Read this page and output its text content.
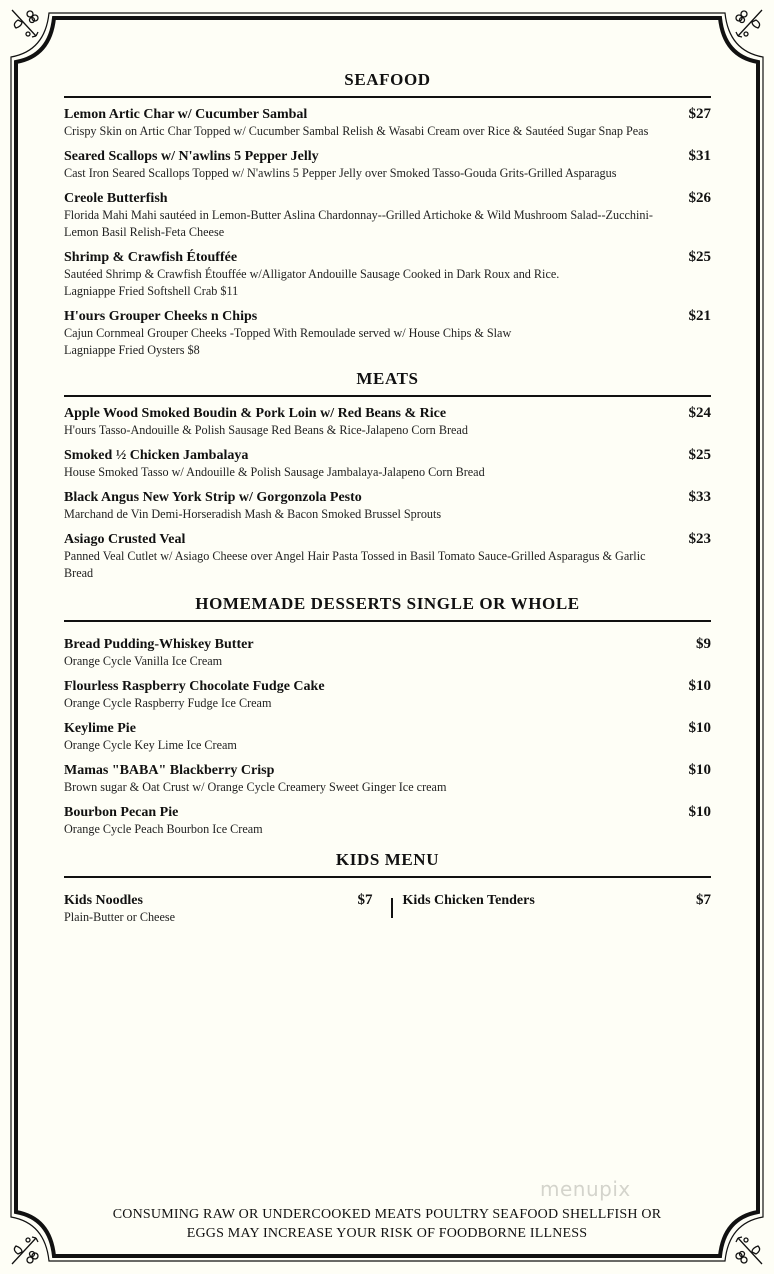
SEAFOOD
Lemon Artic Char w/ Cucumber Sambal	$27
Crispy Skin on Artic Char Topped w/ Cucumber Sambal Relish & Wasabi Cream over Rice & Sautéed Sugar Snap Peas
Seared Scallops w/ N'awlins 5 Pepper Jelly	$31
Cast Iron Seared Scallops Topped w/ N'awlins 5 Pepper Jelly over Smoked Tasso-Gouda Grits-Grilled Asparagus
Creole Butterfish	$26
Florida Mahi Mahi sautéed in Lemon-Butter Aslina Chardonnay--Grilled Artichoke & Wild Mushroom Salad--Zucchini-Lemon Basil Relish-Feta Cheese
Shrimp & Crawfish Étouffée	$25
Sautéed Shrimp & Crawfish Étouffée w/Alligator Andouille Sausage Cooked in Dark Roux and Rice.
Lagniappe Fried Softshell Crab $11
H'ours Grouper Cheeks n Chips	$21
Cajun Cornmeal Grouper Cheeks -Topped With Remoulade served w/ House Chips & Slaw
Lagniappe Fried Oysters $8
MEATS
Apple Wood Smoked Boudin & Pork Loin w/ Red Beans & Rice	$24
H'ours Tasso-Andouille & Polish Sausage Red Beans & Rice-Jalapeno Corn Bread
Smoked ½ Chicken Jambalaya	$25
House Smoked Tasso w/ Andouille & Polish Sausage Jambalaya-Jalapeno Corn Bread
Black Angus New York Strip w/ Gorgonzola Pesto	$33
Marchand de Vin Demi-Horseradish Mash & Bacon Smoked Brussel Sprouts
Asiago Crusted Veal	$23
Panned Veal Cutlet w/ Asiago Cheese over Angel Hair Pasta Tossed in Basil Tomato Sauce-Grilled Asparagus & Garlic Bread
HOMEMADE DESSERTS SINGLE OR WHOLE
Bread Pudding-Whiskey Butter	$9
Orange Cycle Vanilla Ice Cream
Flourless Raspberry Chocolate Fudge Cake	$10
Orange Cycle Raspberry Fudge Ice Cream
Keylime Pie	$10
Orange Cycle Key Lime Ice Cream
Mamas "BABA" Blackberry Crisp	$10
Brown sugar & Oat Crust w/ Orange Cycle Creamery Sweet Ginger Ice cream
Bourbon Pecan Pie	$10
Orange Cycle Peach Bourbon Ice Cream
KIDS MENU
Kids Noodles	$7
Plain-Butter or Cheese
Kids Chicken Tenders	$7
menupix
CONSUMING RAW OR UNDERCOOKED MEATS POULTRY SEAFOOD SHELLFISH OR
EGGS MAY INCREASE YOUR RISK OF FOODBORNE ILLNESS
